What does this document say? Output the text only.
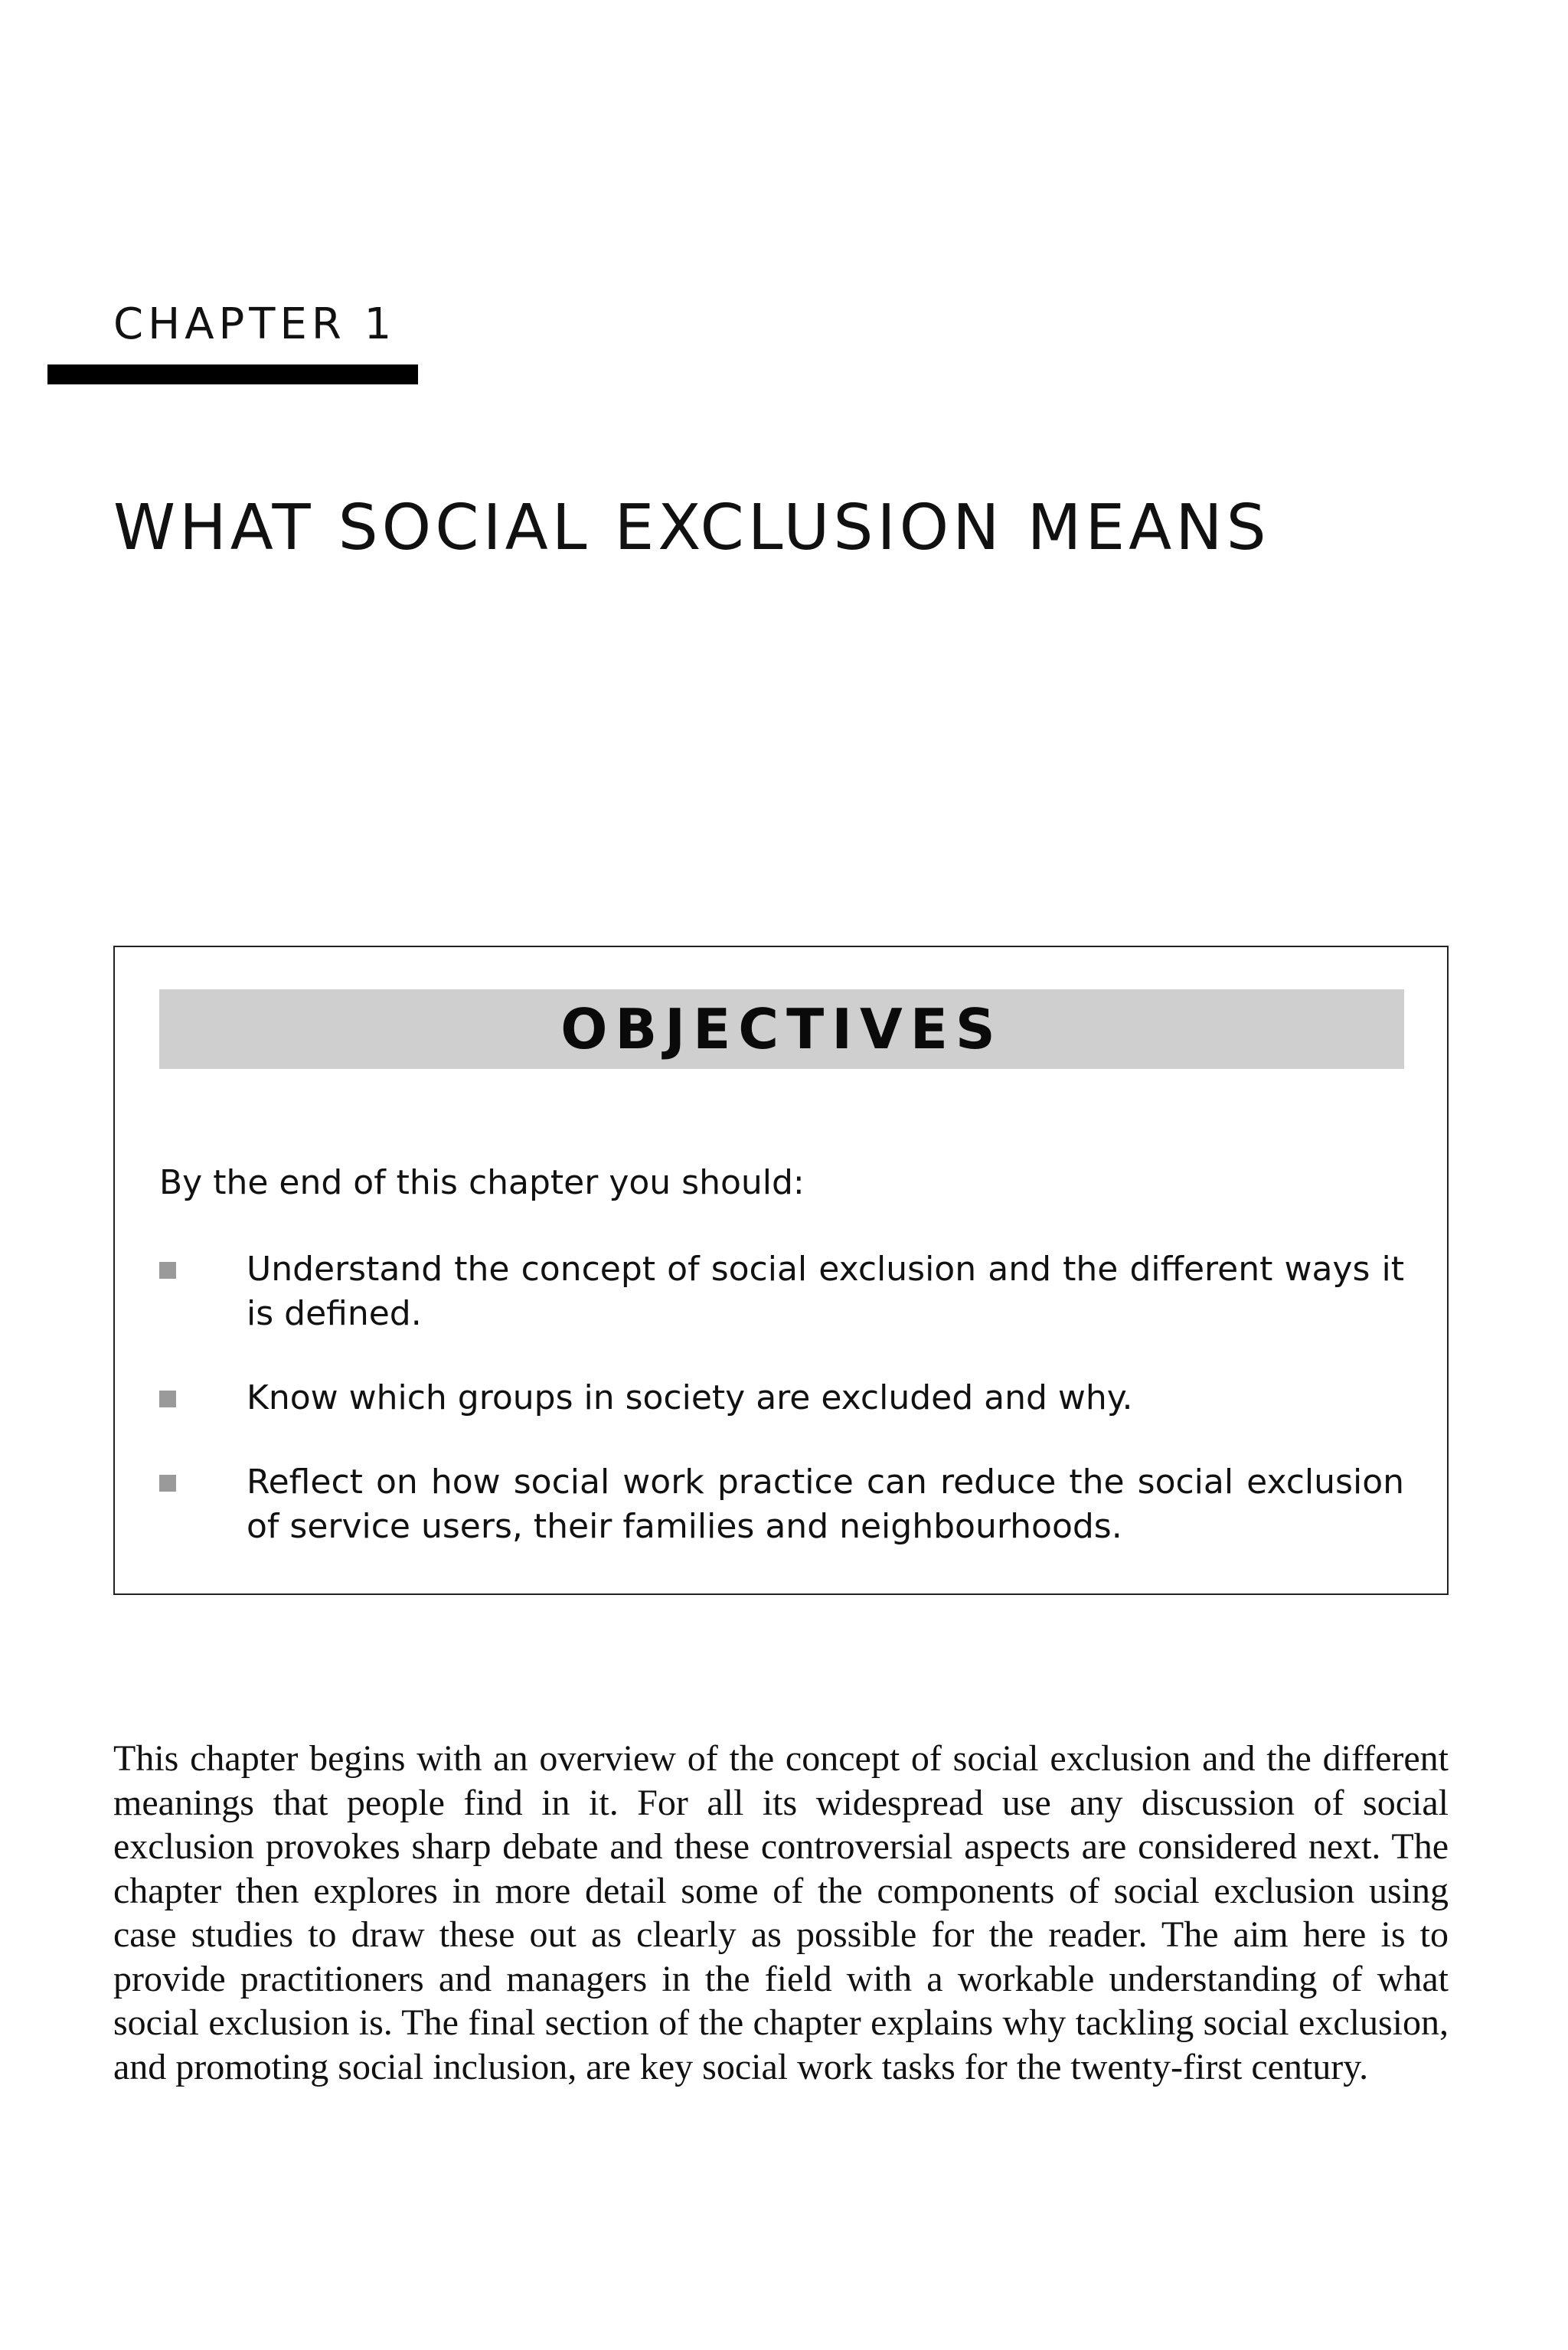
CHAPTER 1
WHAT SOCIAL EXCLUSION MEANS
OBJECTIVES
By the end of this chapter you should:
Understand the concept of social exclusion and the different ways it is defined.
Know which groups in society are excluded and why.
Reflect on how social work practice can reduce the social exclusion of service users, their families and neighbourhoods.

This chapter begins with an overview of the concept of social exclusion and the different meanings that people find in it. For all its widespread use any discussion of social exclusion provokes sharp debate and these controversial aspects are considered next. The chapter then explores in more detail some of the components of social exclusion using case studies to draw these out as clearly as possible for the reader. The aim here is to provide practitioners and managers in the field with a workable understanding of what social exclusion is. The final section of the chapter explains why tackling social exclusion, and promoting social inclusion, are key social work tasks for the twenty-first century.
